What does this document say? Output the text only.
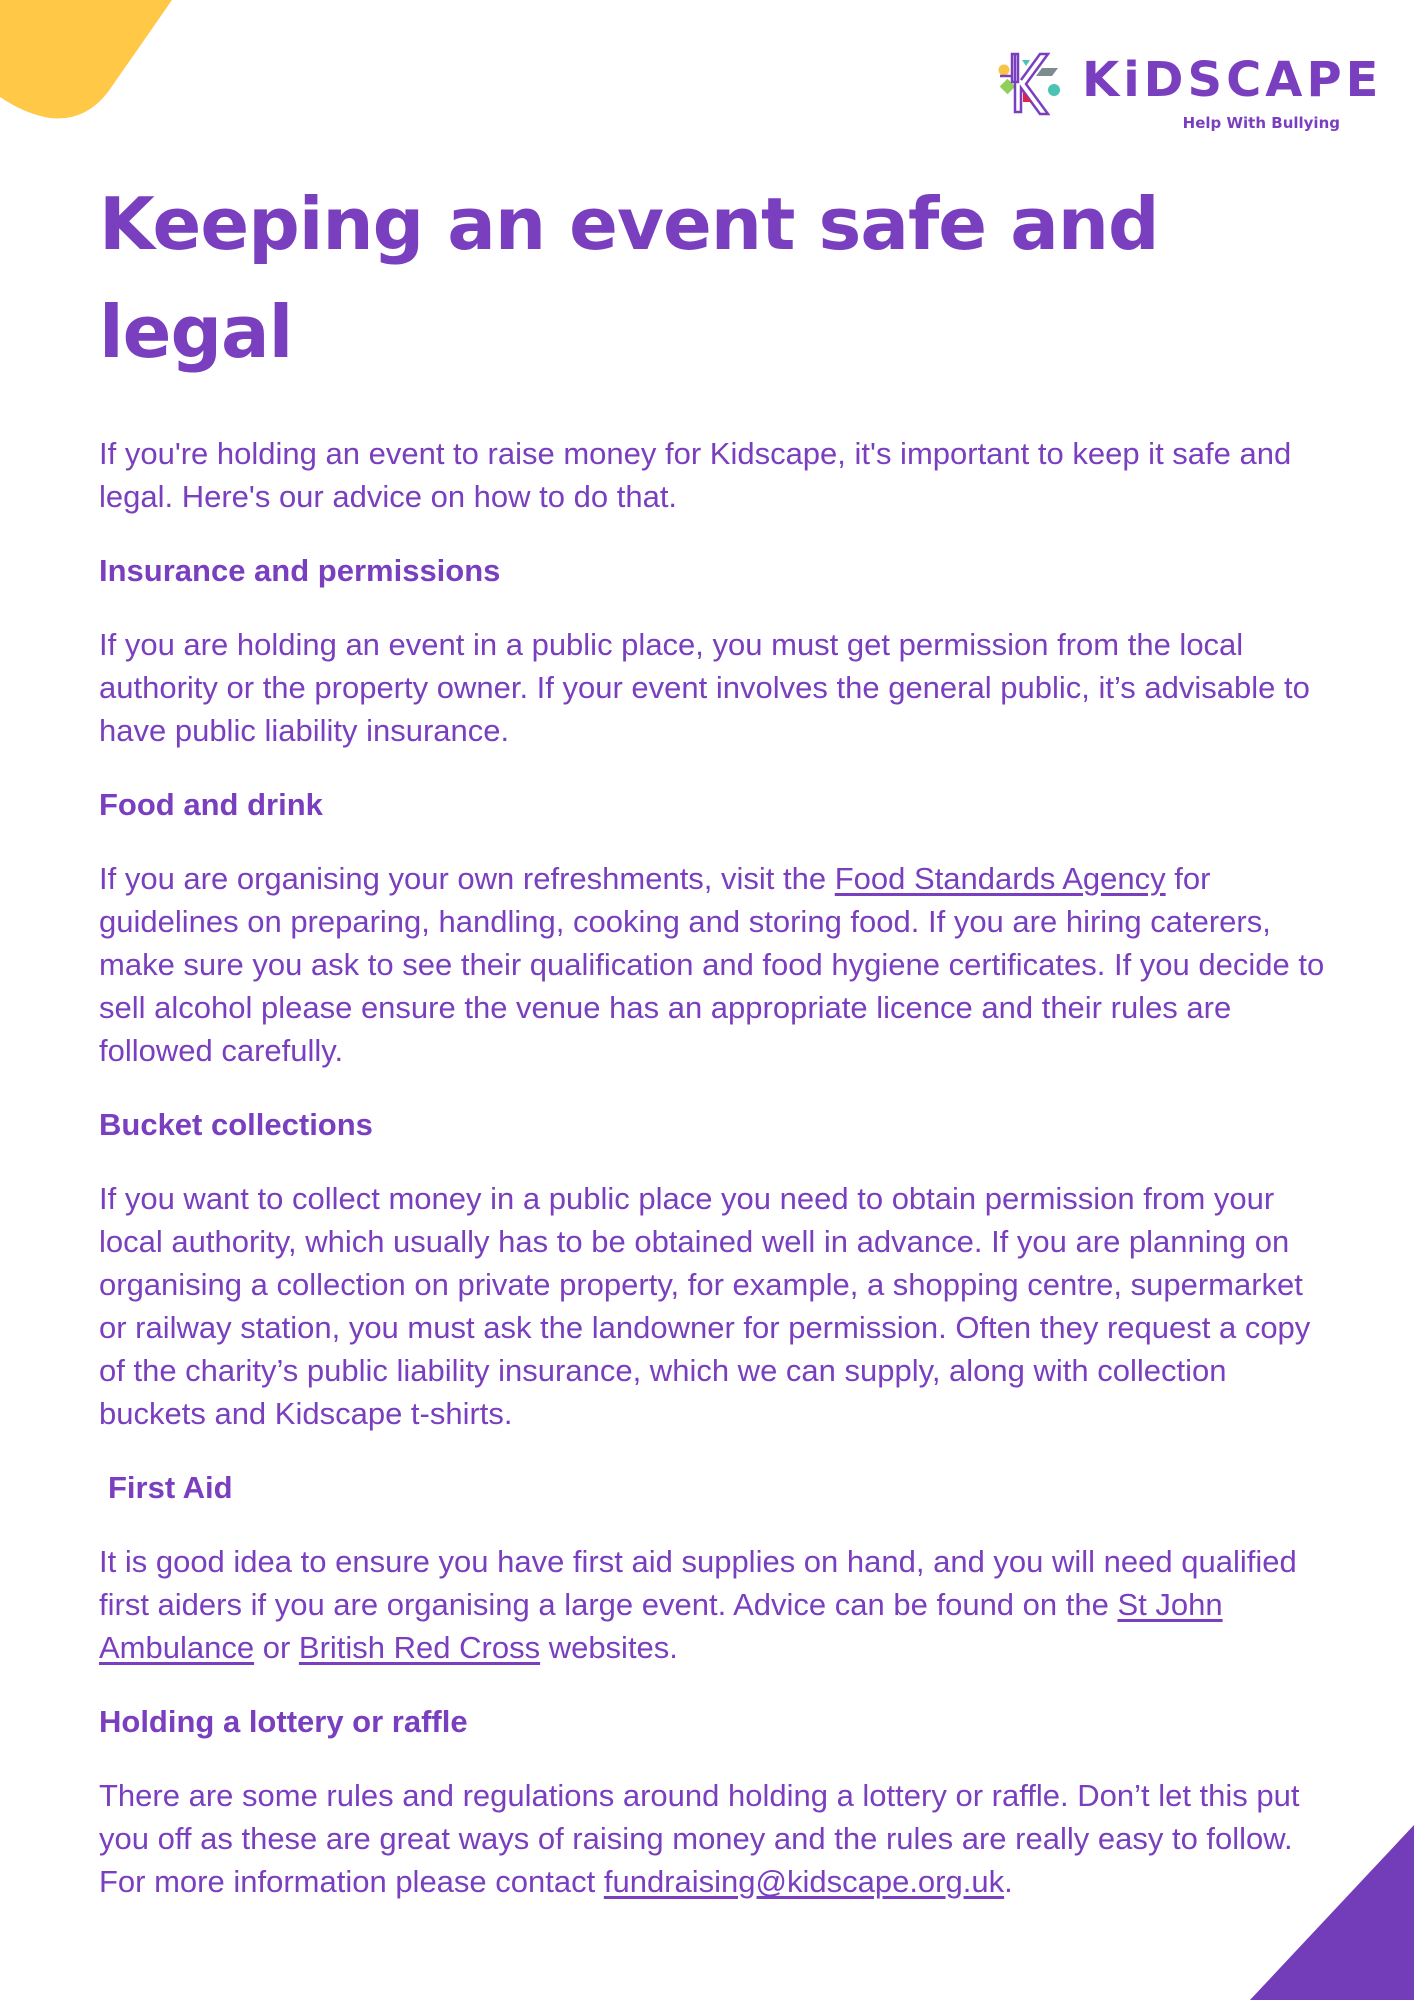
KiDSCAPE
Help With Bullying
Keeping an event safe and legal

If you're holding an event to raise money for Kidscape, it's important to keep it safe and legal. Here's our advice on how to do that.

Insurance and permissions

If you are holding an event in a public place, you must get permission from the local authority or the property owner. If your event involves the general public, it’s advisable to have public liability insurance.

Food and drink

If you are organising your own refreshments, visit the Food Standards Agency for guidelines on preparing, handling, cooking and storing food. If you are hiring caterers, make sure you ask to see their qualification and food hygiene certificates. If you decide to sell alcohol please ensure the venue has an appropriate licence and their rules are followed carefully.

Bucket collections

If you want to collect money in a public place you need to obtain permission from your local authority, which usually has to be obtained well in advance. If you are planning on organising a collection on private property, for example, a shopping centre, supermarket or railway station, you must ask the landowner for permission. Often they request a copy of the charity’s public liability insurance, which we can supply, along with collection buckets and Kidscape t-shirts.

First Aid

It is good idea to ensure you have first aid supplies on hand, and you will need qualified first aiders if you are organising a large event. Advice can be found on the St John Ambulance or British Red Cross websites.

Holding a lottery or raffle

There are some rules and regulations around holding a lottery or raffle. Don’t let this put you off as these are great ways of raising money and the rules are really easy to follow. For more information please contact fundraising@kidscape.org.uk.
